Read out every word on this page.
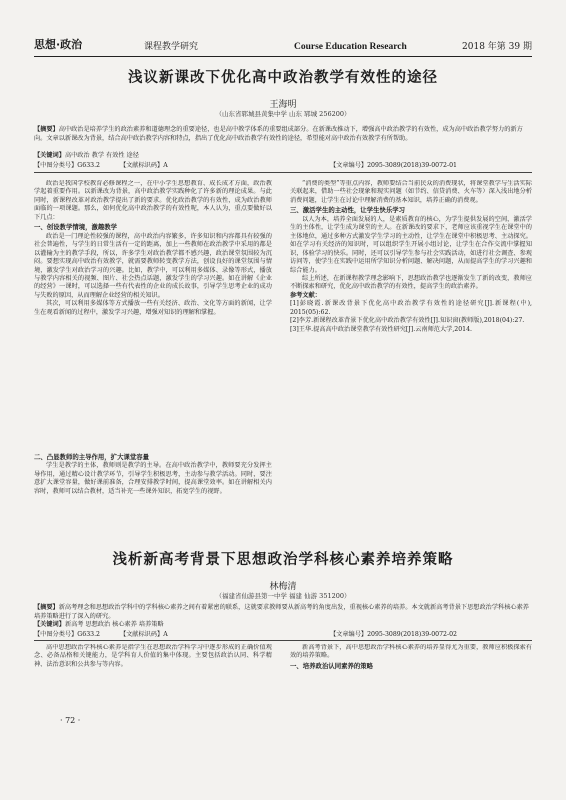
思想·政治	课程教学研究	Course Education Research	2018 年第 39 期
浅议新课改下优化高中政治教学有效性的途径
王海明
（山东省郓城县黄集中学 山东 郓城 256200）
【摘要】高中政治是培养学生的政治素养和道德理念的重要途径，也是高中教学体系的重要组成部分。在新课改推动下，增强高中政治教学的有效性，成为高中政治教学努力的新方向。文章以新课改为背景，结合高中政治教学内容和特点，指出了优化高中政治教学有效性的途径，希望能对高中政治有效教学有所帮助。
【关键词】高中政治 教学 有效性 途径
【中图分类号】G633.2	【文献标识码】A	【文章编号】2095-3089(2018)39-0072-01

政治是我国学校教育必修课程之一，在中小学生思想教育、成长成才方面，政治教学起着重要作用。以新课改为背景，高中政治教学实践种化了许多新的理论成果。与此同时，新课程改革对政治教学提出了新的要求。优化政治教学的有效性，成为政治教师面临的一项课题。那么，如何优化高中政治教学的有效性呢，本人认为，重点要做好以下几点：

一、创设教学情境，激趣教学

政治是一门理论性较强的课程，高中政治内容繁多，许多知识和内容都具有较强的社会普遍性，与学生的日常生活有一定的距离，加上一些教师在政治教学中采用的都是以灌输为主的教学手段，所以，许多学生对政治教学都不感兴趣，政治课堂氛围较为沉闷。要想实现高中政治有效教学，就需要教师转变教学方法，创设良好的课堂氛围与情境，激发学生对政治学习的兴趣。比如，教学中，可以利用多媒体、录像等形式，播放与教学内容相关的视频、图片、社会热点话题，激发学生的学习兴趣。如在讲解《企业的经营》一课时，可以选择一些有代表性的企业的成长故事，引导学生思考企业的成功与失败的原因，从而理解企业经营的相关知识。

其次，可以利用多媒体等方式播放一些有关经济、政治、文化等方面的新闻，让学生在观看新闻的过程中，激发学习兴趣，增强对知识的理解和掌握。

二、凸显教师的主导作用，扩大课堂容量

学生是教学的主体，教师则是教学的主导。在高中政治教学中，教师要充分发挥主导作用，通过精心设计教学环节，引导学生积极思考，主动参与教学活动。同时，要注意扩大课堂容量，做好课前准备，合理安排教学时间，提高课堂效率。如在讲解相关内容时，教师可以结合教材，适当补充一些课外知识，拓宽学生的视野。

“消费的类型”等重点内容，教师要结合当前民众的消费现状，将课堂教学与生活实际关联起来，借助一些社会现象和现实问题（如节约、信贷消费、火车等）深入浅出地分析消费问题，让学生在讨论中理解消费的基本知识，培养正确的消费观。

三、激活学生的主动性，让学生快乐学习

以人为本，培养全面发展的人，是素质教育的核心，为学生提供发展的空间，激活学生的主体性，让学生成为课堂的主人。在新课改的要求下，老师应该重视学生在课堂中的主体地位，通过多种方式激发学生学习的主动性，让学生在课堂中积极思考、主动探究。如在学习有关经济的知识时，可以组织学生开展小组讨论，让学生在合作交流中掌握知识，体验学习的快乐。同时，还可以引导学生参与社会实践活动，如进行社会调查、参观访问等，使学生在实践中运用所学知识分析问题、解决问题，从而提高学生的学习兴趣和综合能力。

综上所述，在新课程教学理念影响下，思想政治教学也逐渐发生了新的改变，教师应不断探索和研究，优化高中政治教学的有效性，提高学生的政治素养。

参考文献：

[1]彭晓霞.新课改背景下优化高中政治教学有效性的途径研究[J].新课程(中), 2015(05):62.

[2]李芳.新课程改革背景下优化高中政治教学有效性[J].知识窗(教师版),2018(04):27.

[3]王华.提高高中政治课堂教学有效性研究[J].云南师范大学,2014.

浅析新高考背景下思想政治学科核心素养培养策略
林梅清
（福建省仙游县第一中学 福建 仙游 351200）
【摘要】新高考理念和思想政治学科中的学科核心素养之间有着紧密的联系，这就要求教师要从新高考的角度出发，重视核心素养的培养。本文就新高考背景下思想政治学科核心素养培养策略进行了深入的研究。
【关键词】新高考 思想政治 核心素养 培养策略
【中图分类号】G633.2	【文献标识码】A	【文章编号】2095-3089(2018)39-0072-02

高中思想政治学科核心素养是指学生在思想政治学科学习中逐步形成的正确价值观念、必备品格和关键能力，是学科育人价值的集中体现。主要包括政治认同、科学精神、法治意识和公共参与等内容。

新高考背景下，高中思想政治学科核心素养的培养显得尤为重要，教师应积极探索有效的培养策略。

一、培养政治认同素养的策略

· 72 ·
